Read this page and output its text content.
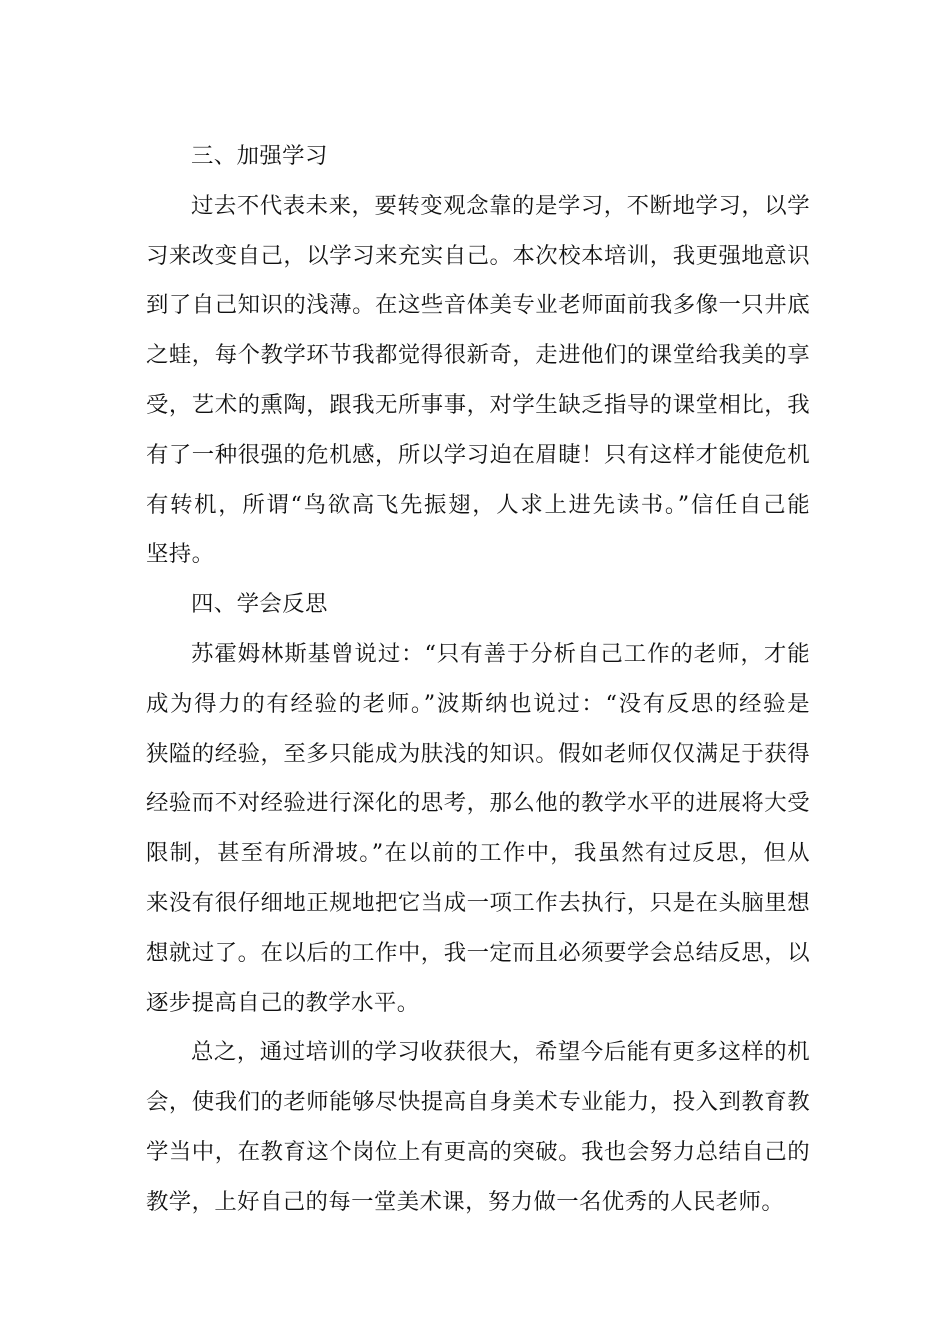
三、加强学习
过去不代表未来，要转变观念靠的是学习，不断地学习，以学
习来改变自己，以学习来充实自己。本次校本培训，我更强地意识
到了自己知识的浅薄。在这些音体美专业老师面前我多像一只井底
之蛙，每个教学环节我都觉得很新奇，走进他们的课堂给我美的享
受，艺术的熏陶，跟我无所事事，对学生缺乏指导的课堂相比，我
有了一种很强的危机感，所以学习迫在眉睫！只有这样才能使危机
有转机，所谓“鸟欲高飞先振翅，人求上进先读书。”信任自己能
坚持。
四、学会反思
苏霍姆林斯基曾说过：“只有善于分析自己工作的老师，才能
成为得力的有经验的老师。”波斯纳也说过：“没有反思的经验是
狭隘的经验，至多只能成为肤浅的知识。假如老师仅仅满足于获得
经验而不对经验进行深化的思考，那么他的教学水平的进展将大受
限制，甚至有所滑坡。”在以前的工作中，我虽然有过反思，但从
来没有很仔细地正规地把它当成一项工作去执行，只是在头脑里想
想就过了。在以后的工作中，我一定而且必须要学会总结反思，以
逐步提高自己的教学水平。
总之，通过培训的学习收获很大，希望今后能有更多这样的机
会，使我们的老师能够尽快提高自身美术专业能力，投入到教育教
学当中，在教育这个岗位上有更高的突破。我也会努力总结自己的
教学，上好自己的每一堂美术课，努力做一名优秀的人民老师。
